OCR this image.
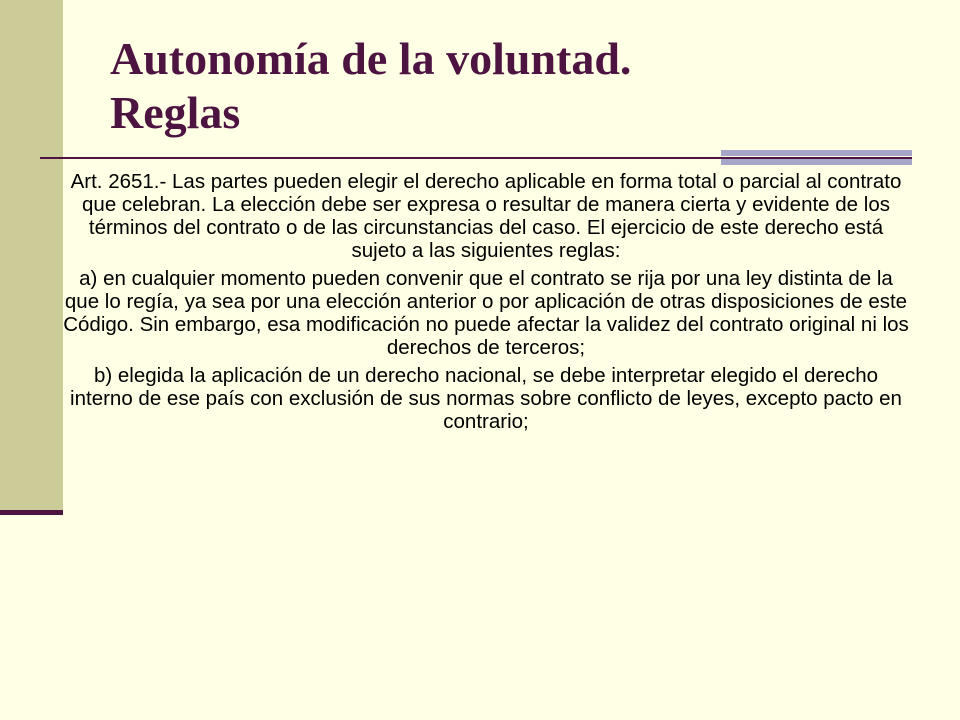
Autonomía de la voluntad.
Reglas

Art. 2651.- Las partes pueden elegir el derecho aplicable en forma total o parcial al contrato que celebran. La elección debe ser expresa o resultar de manera cierta y evidente de los términos del contrato o de las circunstancias del caso. El ejercicio de este derecho está sujeto a las siguientes reglas:

a) en cualquier momento pueden convenir que el contrato se rija por una ley distinta de la que lo regía, ya sea por una elección anterior o por aplicación de otras disposiciones de este Código. Sin embargo, esa modificación no puede afectar la validez del contrato original ni los derechos de terceros;

b) elegida la aplicación de un derecho nacional, se debe interpretar elegido el derecho interno de ese país con exclusión de sus normas sobre conflicto de leyes, excepto pacto en contrario;
